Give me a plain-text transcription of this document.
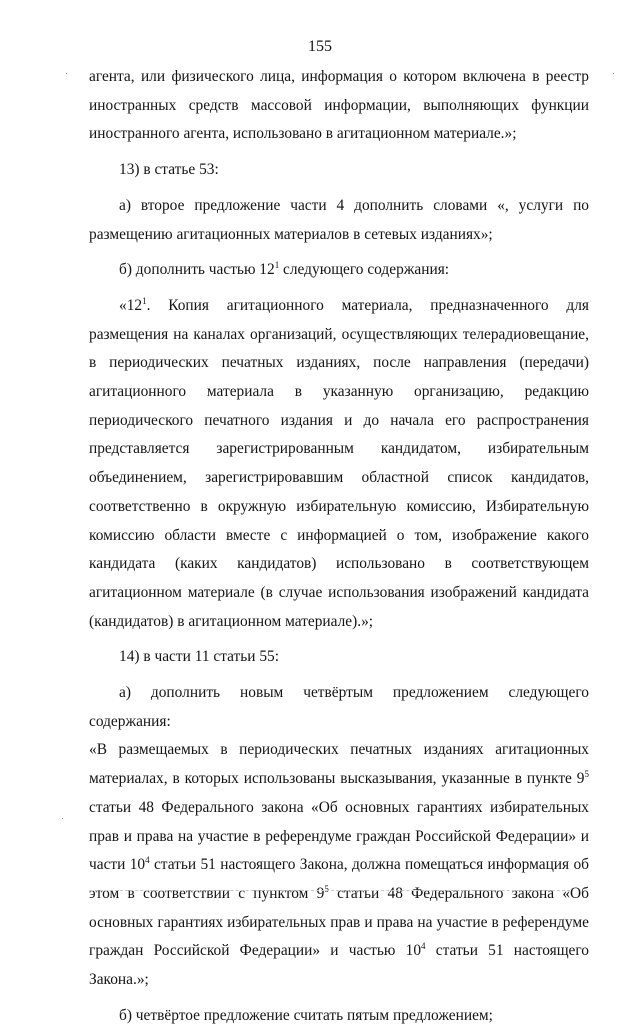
155

агента, или физического лица, информация о котором включена в реестр иностранных средств массовой информации, выполняющих функции иностранного агента, использовано в агитационном материале.»;

13) в статье 53:

а) второе предложение части 4 дополнить словами «, услуги по размещению агитационных материалов в сетевых изданиях»;

б) дополнить частью $12^1$ следующего содержания:

«$12^1$. Копия агитационного материала, предназначенного для размещения на каналах организаций, осуществляющих телерадиовещание, в периодических печатных изданиях, после направления (передачи) агитационного материала в указанную организацию, редакцию периодического печатного издания и до начала его распространения представляется зарегистрированным кандидатом, избирательным объединением, зарегистрировавшим областной список кандидатов, соответственно в окружную избирательную комиссию, Избирательную комиссию области вместе с информацией о том, изображение какого кандидата (каких кандидатов) использовано в соответствующем агитационном материале (в случае использования изображений кандидата (кандидатов) в агитационном материале).»;

14) в части 11 статьи 55:

а) дополнить новым четвёртым предложением следующего содержания:

«В размещаемых в периодических печатных изданиях агитационных материалах, в которых использованы высказывания, указанные в пункте $9^5$ статьи 48 Федерального закона «Об основных гарантиях избирательных прав и права на участие в референдуме граждан Российской Федерации» и части $10^4$ статьи 51 настоящего Закона, должна помещаться информация об этом в соответствии с пунктом $9^5$ статьи 48 Федерального закона «Об основных гарантиях избирательных прав и права на участие в референдуме граждан Российской Федерации» и частью $10^4$ статьи 51 настоящего Закона.»;

б) четвёртое предложение считать пятым предложением;
